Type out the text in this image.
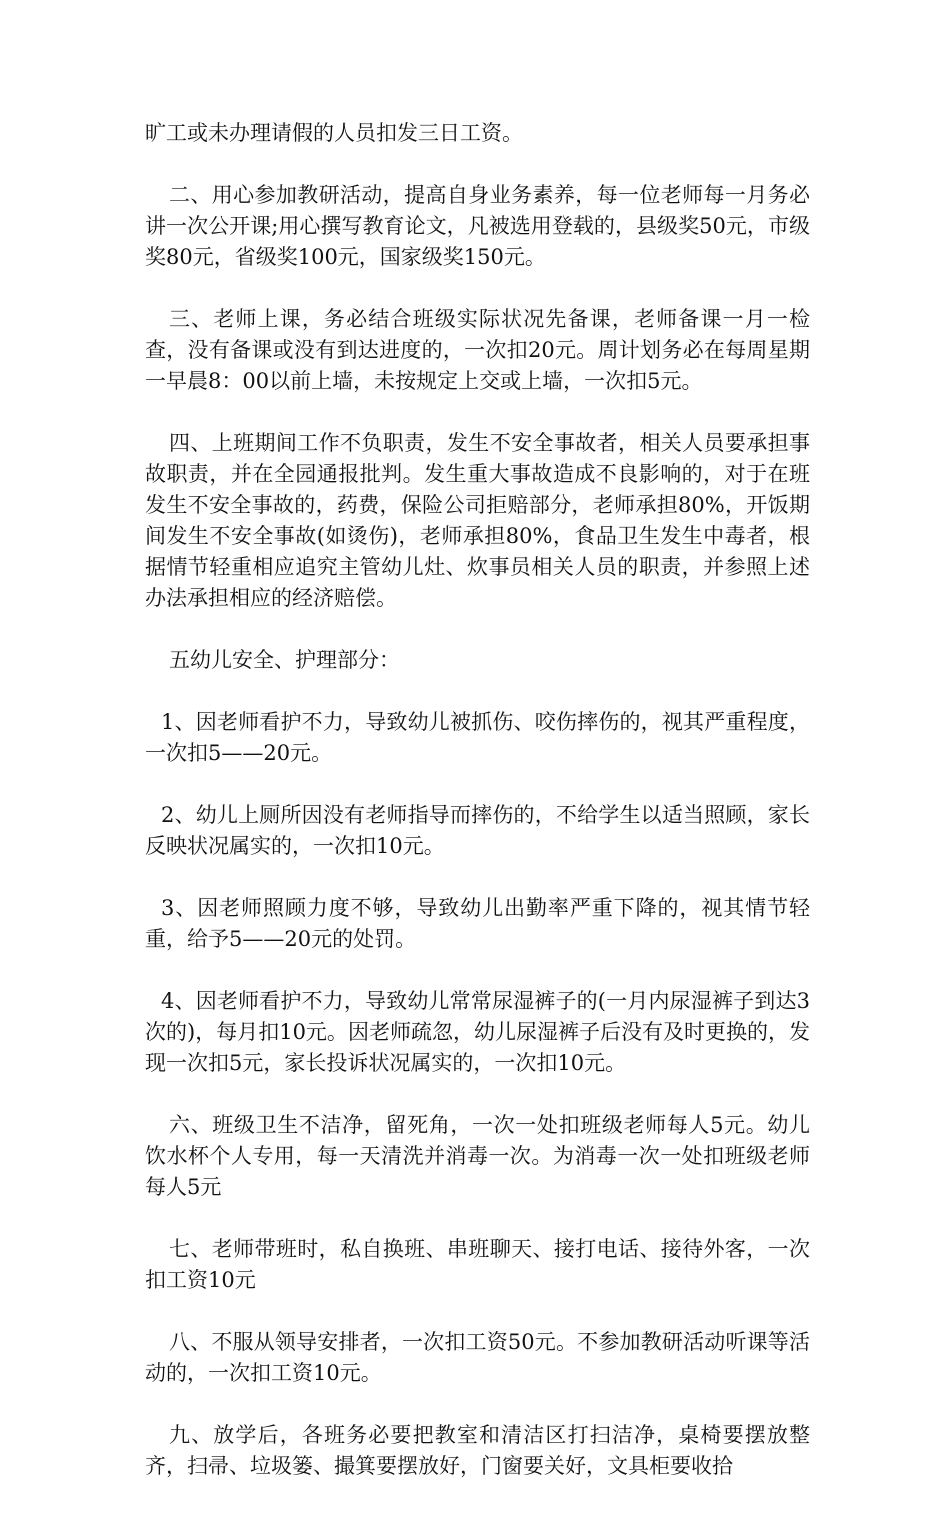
旷工或未办理请假的人员扣发三日工资。

二、用心参加教研活动，提高自身业务素养，每一位老师每一月务必讲一次公开课;用心撰写教育论文，凡被选用登载的，县级奖50元，市级奖80元，省级奖100元，国家级奖150元。

三、老师上课，务必结合班级实际状况先备课，老师备课一月一检查，没有备课或没有到达进度的，一次扣20元。周计划务必在每周星期一早晨8：00以前上墙，未按规定上交或上墙，一次扣5元。

四、上班期间工作不负职责，发生不安全事故者，相关人员要承担事故职责，并在全园通报批判。发生重大事故造成不良影响的，对于在班发生不安全事故的，药费，保险公司拒赔部分，老师承担80%，开饭期间发生不安全事故(如烫伤)，老师承担80%，食品卫生发生中毒者，根据情节轻重相应追究主管幼儿灶、炊事员相关人员的职责，并参照上述办法承担相应的经济赔偿。

五幼儿安全、护理部分：

1、因老师看护不力，导致幼儿被抓伤、咬伤摔伤的，视其严重程度，一次扣5——20元。

2、幼儿上厕所因没有老师指导而摔伤的，不给学生以适当照顾，家长反映状况属实的，一次扣10元。

3、因老师照顾力度不够，导致幼儿出勤率严重下降的，视其情节轻重，给予5——20元的处罚。

4、因老师看护不力，导致幼儿常常尿湿裤子的(一月内尿湿裤子到达3次的)，每月扣10元。因老师疏忽，幼儿尿湿裤子后没有及时更换的，发现一次扣5元，家长投诉状况属实的，一次扣10元。

六、班级卫生不洁净，留死角，一次一处扣班级老师每人5元。幼儿饮水杯个人专用，每一天清洗并消毒一次。为消毒一次一处扣班级老师每人5元

七、老师带班时，私自换班、串班聊天、接打电话、接待外客，一次扣工资10元

八、不服从领导安排者，一次扣工资50元。不参加教研活动听课等活动的，一次扣工资10元。

九、放学后，各班务必要把教室和清洁区打扫洁净，桌椅要摆放整齐，扫帚、垃圾篓、撮箕要摆放好，门窗要关好，文具柜要收拾
